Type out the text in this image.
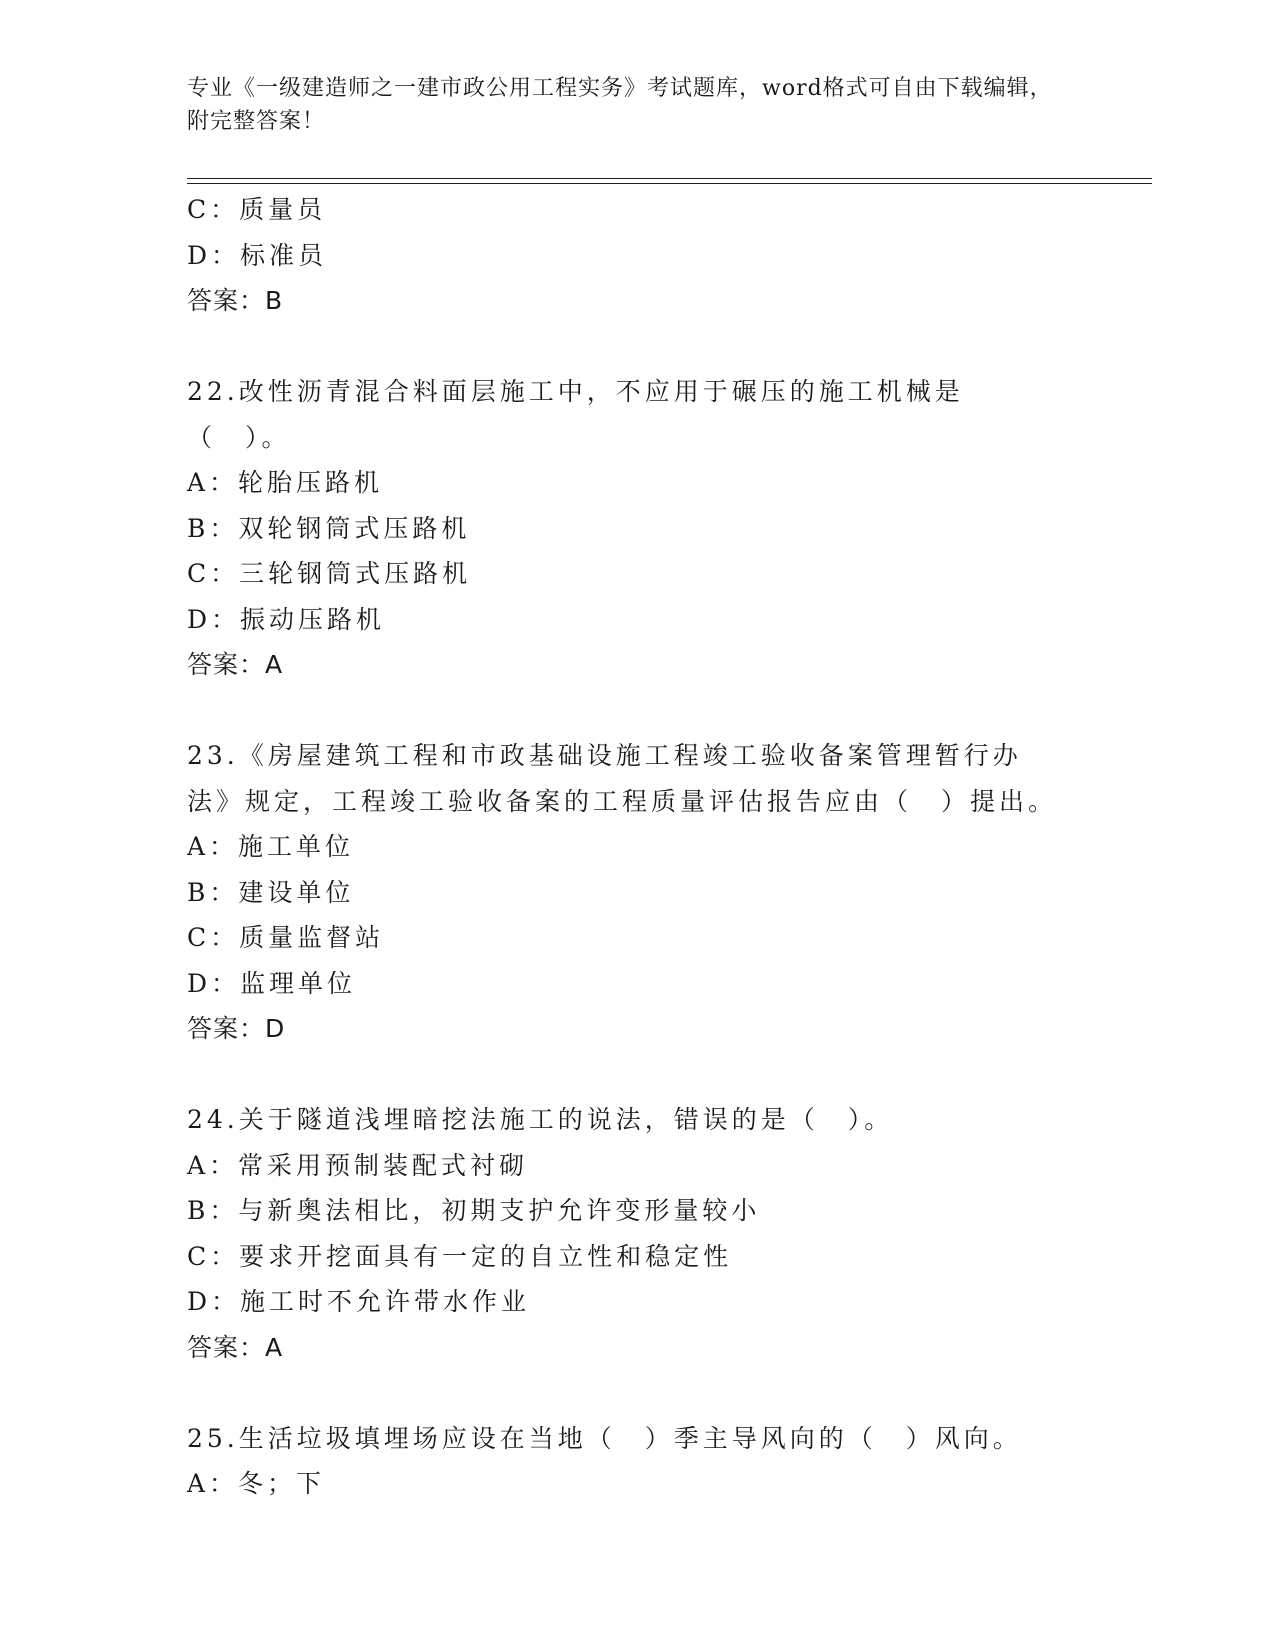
专业《一级建造师之一建市政公用工程实务》考试题库，word格式可自由下载编辑，附完整答案！

C：质量员
D：标准员
答案：B
22.改性沥青混合料面层施工中，不应用于碾压的施工机械是（　）。
A：轮胎压路机
B：双轮钢筒式压路机
C：三轮钢筒式压路机
D：振动压路机
答案：A
23.《房屋建筑工程和市政基础设施工程竣工验收备案管理暂行办法》规定，工程竣工验收备案的工程质量评估报告应由（　）提出。
A：施工单位
B：建设单位
C：质量监督站
D：监理单位
答案：D
24.关于隧道浅埋暗挖法施工的说法，错误的是（　）。
A：常采用预制装配式衬砌
B：与新奥法相比，初期支护允许变形量较小
C：要求开挖面具有一定的自立性和稳定性
D：施工时不允许带水作业
答案：A
25.生活垃圾填埋场应设在当地（　）季主导风向的（　）风向。
A：冬；下
